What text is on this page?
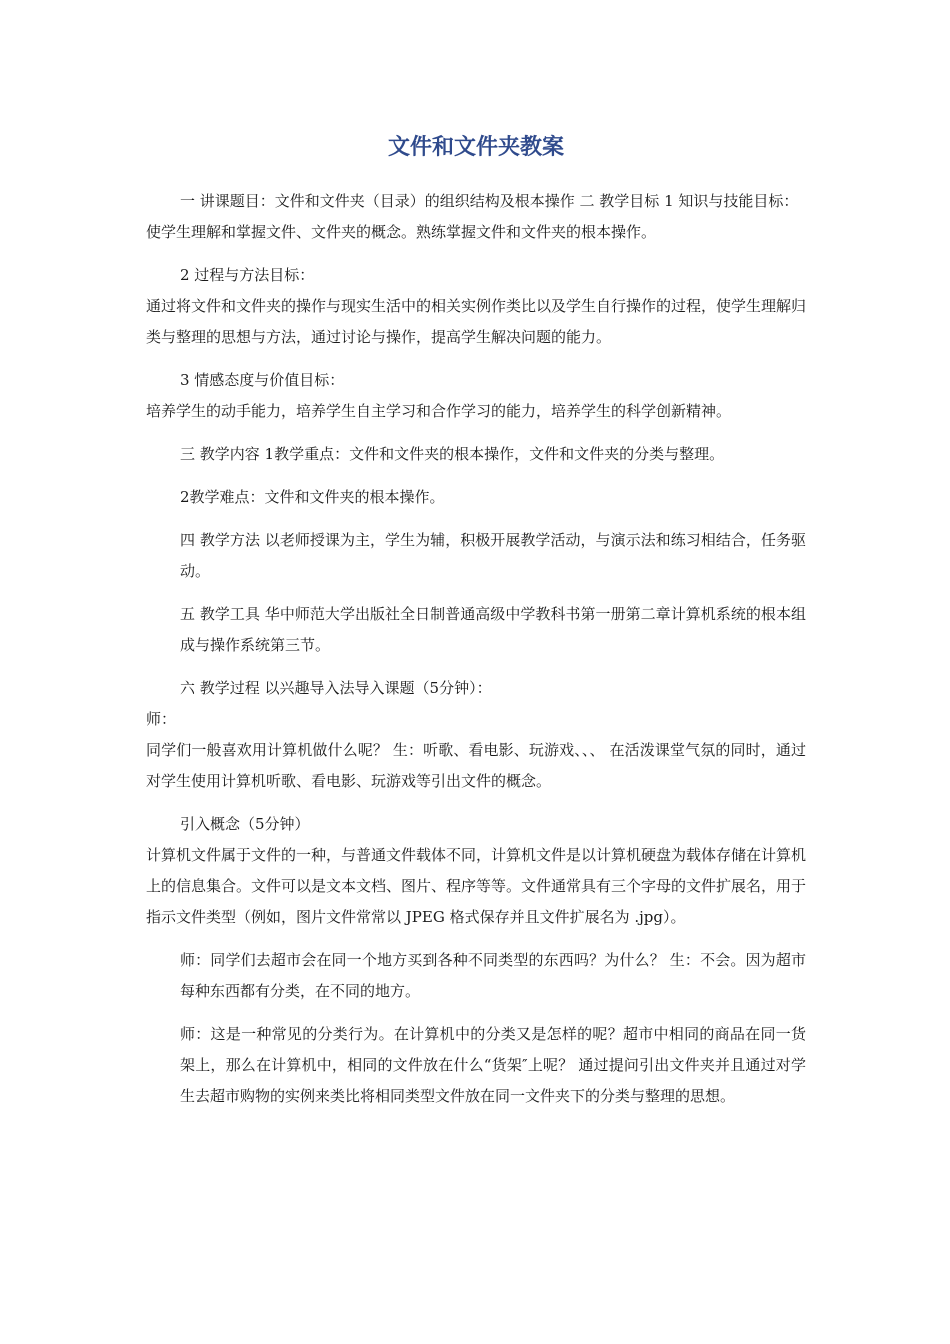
文件和文件夹教案
一 讲课题目：文件和文件夹（目录）的组织结构及根本操作 二 教学目标 1 知识与技能目标：
使学生理解和掌握文件、文件夹的概念。熟练掌握文件和文件夹的根本操作。
2 过程与方法目标：
通过将文件和文件夹的操作与现实生活中的相关实例作类比以及学生自行操作的过程，使学生理解归类与整理的思想与方法，通过讨论与操作，提高学生解决问题的能力。
3 情感态度与价值目标：
培养学生的动手能力，培养学生自主学习和合作学习的能力，培养学生的科学创新精神。
三 教学内容 1教学重点：文件和文件夹的根本操作，文件和文件夹的分类与整理。
2教学难点：文件和文件夹的根本操作。
四 教学方法 以老师授课为主，学生为辅，积极开展教学活动，与演示法和练习相结合，任务驱动。
五 教学工具 华中师范大学出版社全日制普通高级中学教科书第一册第二章计算机系统的根本组成与操作系统第三节。
六 教学过程 以兴趣导入法导入课题（5分钟）：
师：
同学们一般喜欢用计算机做什么呢？ 生：听歌、看电影、玩游戏、、、 在活泼课堂气氛的同时，通过对学生使用计算机听歌、看电影、玩游戏等引出文件的概念。
引入概念（5分钟）
计算机文件属于文件的一种，与普通文件载体不同，计算机文件是以计算机硬盘为载体存储在计算机上的信息集合。文件可以是文本文档、图片、程序等等。文件通常具有三个字母的文件扩展名，用于指示文件类型（例如，图片文件常常以 JPEG 格式保存并且文件扩展名为 .jpg）。
师：同学们去超市会在同一个地方买到各种不同类型的东西吗？为什么？ 生：不会。因为超市每种东西都有分类，在不同的地方。
师：这是一种常见的分类行为。在计算机中的分类又是怎样的呢？超市中相同的商品在同一货架上，那么在计算机中，相同的文件放在什么“货架″上呢？ 通过提问引出文件夹并且通过对学生去超市购物的实例来类比将相同类型文件放在同一文件夹下的分类与整理的思想。
